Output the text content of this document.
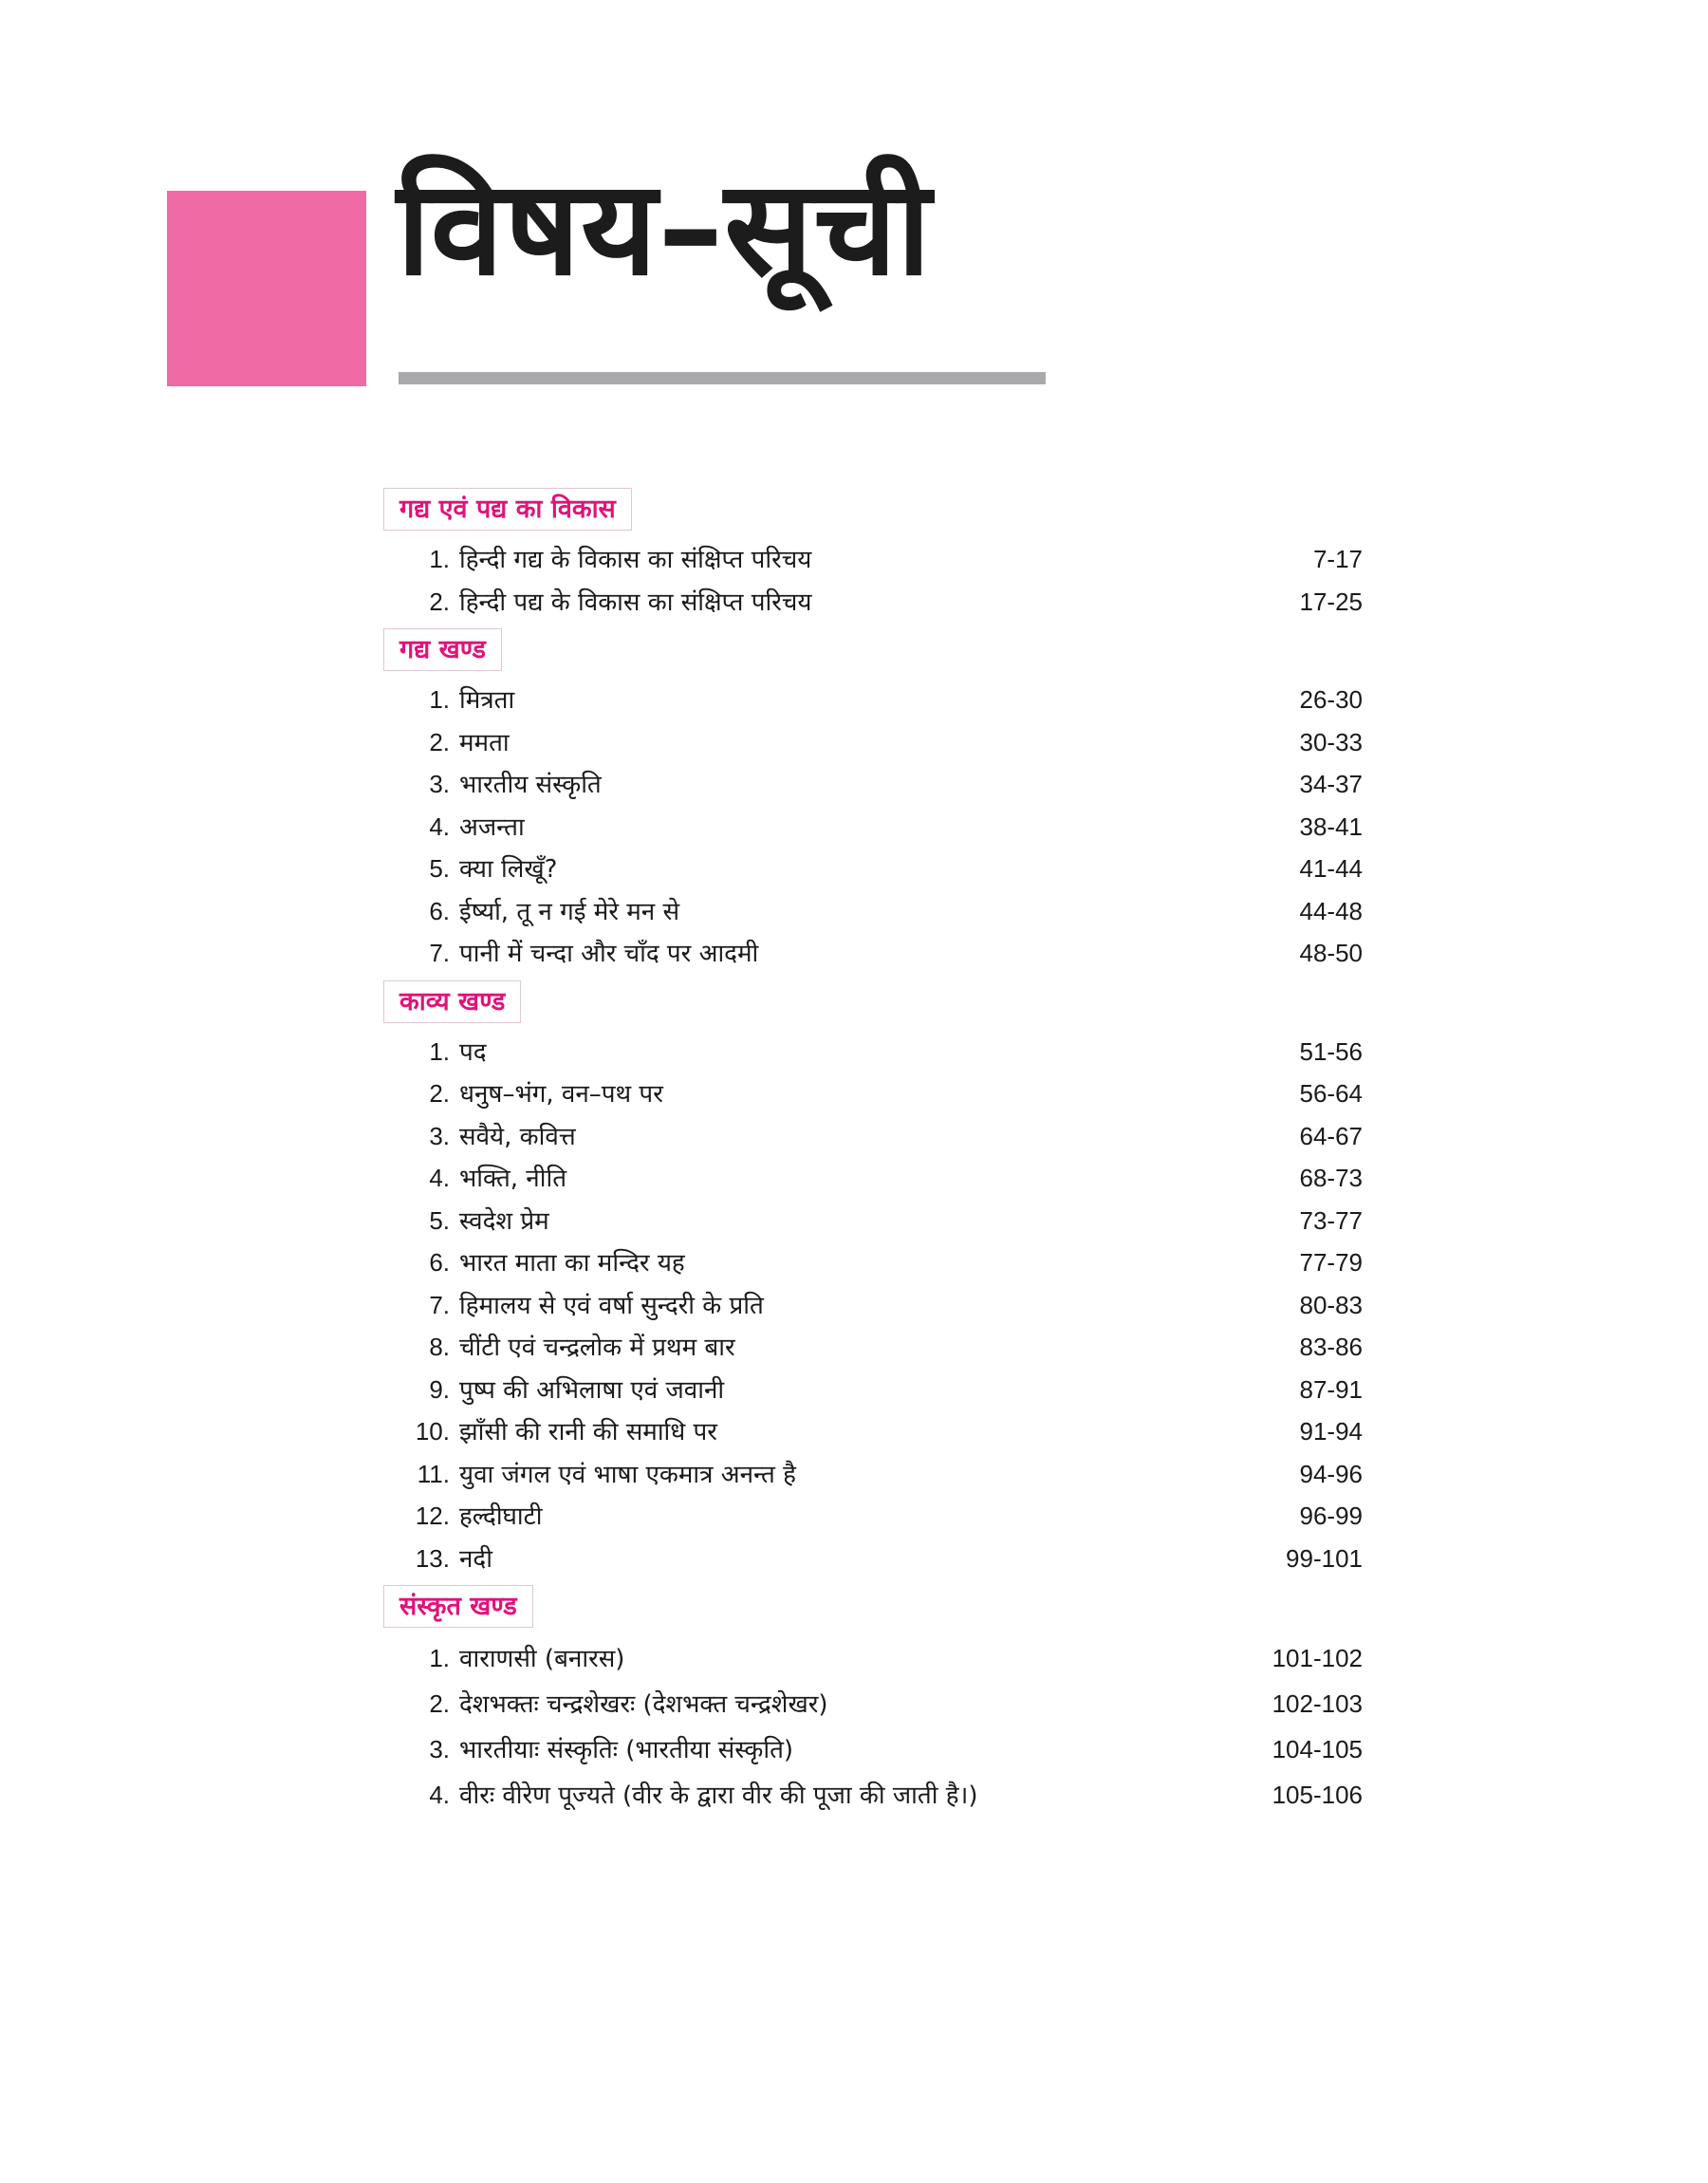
विषय–सूची
गद्य एवं पद्य का विकास
1. हिन्दी गद्य के विकास का संक्षिप्त परिचय	7-17
2. हिन्दी पद्य के विकास का संक्षिप्त परिचय	17-25
गद्य खण्ड
1. मित्रता	26-30
2. ममता	30-33
3. भारतीय संस्कृति	34-37
4. अजन्ता	38-41
5. क्या लिखूँ?	41-44
6. ईर्ष्या, तू न गई मेरे मन से	44-48
7. पानी में चन्दा और चाँद पर आदमी	48-50
काव्य खण्ड
1. पद	51-56
2. धनुष–भंग, वन–पथ पर	56-64
3. सवैये, कवित्त	64-67
4. भक्ति, नीति	68-73
5. स्वदेश प्रेम	73-77
6. भारत माता का मन्दिर यह	77-79
7. हिमालय से एवं वर्षा सुन्दरी के प्रति	80-83
8. चींटी एवं चन्द्रलोक में प्रथम बार	83-86
9. पुष्प की अभिलाषा एवं जवानी	87-91
10. झाँसी की रानी की समाधि पर	91-94
11. युवा जंगल एवं भाषा एकमात्र अनन्त है	94-96
12. हल्दीघाटी	96-99
13. नदी	99-101
संस्कृत खण्ड
1. वाराणसी (बनारस)	101-102
2. देशभक्तः चन्द्रशेखरः (देशभक्त चन्द्रशेखर)	102-103
3. भारतीयाः संस्कृतिः (भारतीया संस्कृति)	104-105
4. वीरः वीरेण पूज्यते (वीर के द्वारा वीर की पूजा की जाती है।)	105-106
